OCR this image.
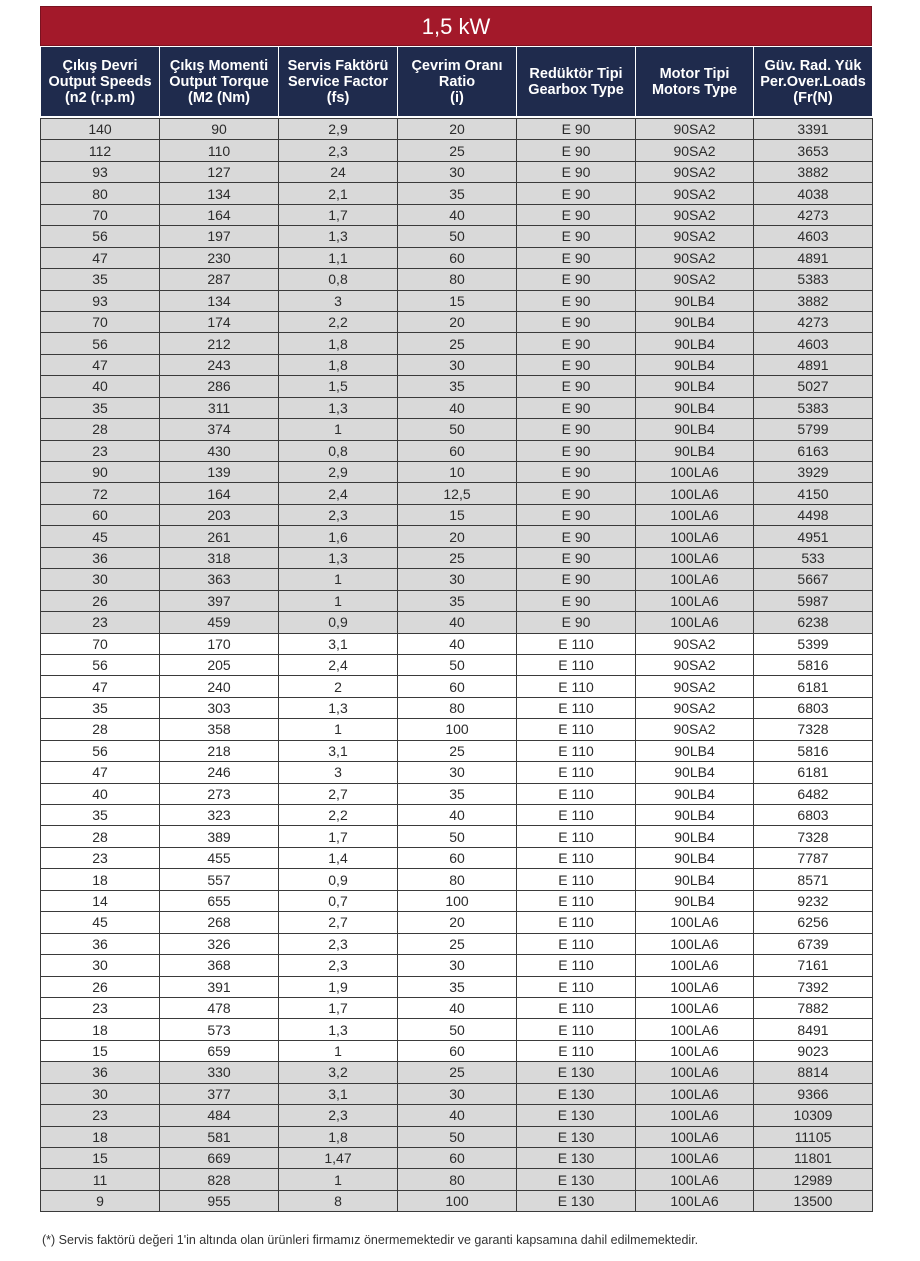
1,5 kW
Çıkış Devri
Output Speeds
(n2 (r.p.m)	Çıkış Momenti
Output Torque
(M2 (Nm)	Servis Faktörü
Service Factor
(fs)	Çevrim Oranı
Ratio
(i)	Redüktör Tipi
Gearbox Type	Motor Tipi
Motors Type	Güv. Rad. Yük
Per.Over.Loads
(Fr(N)

140	90	2,9	20	E 90	90SA2	3391
112	110	2,3	25	E 90	90SA2	3653
93	127	24	30	E 90	90SA2	3882
80	134	2,1	35	E 90	90SA2	4038
70	164	1,7	40	E 90	90SA2	4273
56	197	1,3	50	E 90	90SA2	4603
47	230	1,1	60	E 90	90SA2	4891
35	287	0,8	80	E 90	90SA2	5383
93	134	3	15	E 90	90LB4	3882
70	174	2,2	20	E 90	90LB4	4273
56	212	1,8	25	E 90	90LB4	4603
47	243	1,8	30	E 90	90LB4	4891
40	286	1,5	35	E 90	90LB4	5027
35	311	1,3	40	E 90	90LB4	5383
28	374	1	50	E 90	90LB4	5799
23	430	0,8	60	E 90	90LB4	6163
90	139	2,9	10	E 90	100LA6	3929
72	164	2,4	12,5	E 90	100LA6	4150
60	203	2,3	15	E 90	100LA6	4498
45	261	1,6	20	E 90	100LA6	4951
36	318	1,3	25	E 90	100LA6	533
30	363	1	30	E 90	100LA6	5667
26	397	1	35	E 90	100LA6	5987
23	459	0,9	40	E 90	100LA6	6238
70	170	3,1	40	E 110	90SA2	5399
56	205	2,4	50	E 110	90SA2	5816
47	240	2	60	E 110	90SA2	6181
35	303	1,3	80	E 110	90SA2	6803
28	358	1	100	E 110	90SA2	7328
56	218	3,1	25	E 110	90LB4	5816
47	246	3	30	E 110	90LB4	6181
40	273	2,7	35	E 110	90LB4	6482
35	323	2,2	40	E 110	90LB4	6803
28	389	1,7	50	E 110	90LB4	7328
23	455	1,4	60	E 110	90LB4	7787
18	557	0,9	80	E 110	90LB4	8571
14	655	0,7	100	E 110	90LB4	9232
45	268	2,7	20	E 110	100LA6	6256
36	326	2,3	25	E 110	100LA6	6739
30	368	2,3	30	E 110	100LA6	7161
26	391	1,9	35	E 110	100LA6	7392
23	478	1,7	40	E 110	100LA6	7882
18	573	1,3	50	E 110	100LA6	8491
15	659	1	60	E 110	100LA6	9023
36	330	3,2	25	E 130	100LA6	8814
30	377	3,1	30	E 130	100LA6	9366
23	484	2,3	40	E 130	100LA6	10309
18	581	1,8	50	E 130	100LA6	11105
15	669	1,47	60	E 130	100LA6	11801
11	828	1	80	E 130	100LA6	12989
9	955	8	100	E 130	100LA6	13500
(*) Servis faktörü değeri 1'in altında olan ürünleri firmamız önermemektedir ve garanti kapsamına dahil edilmemektedir.
